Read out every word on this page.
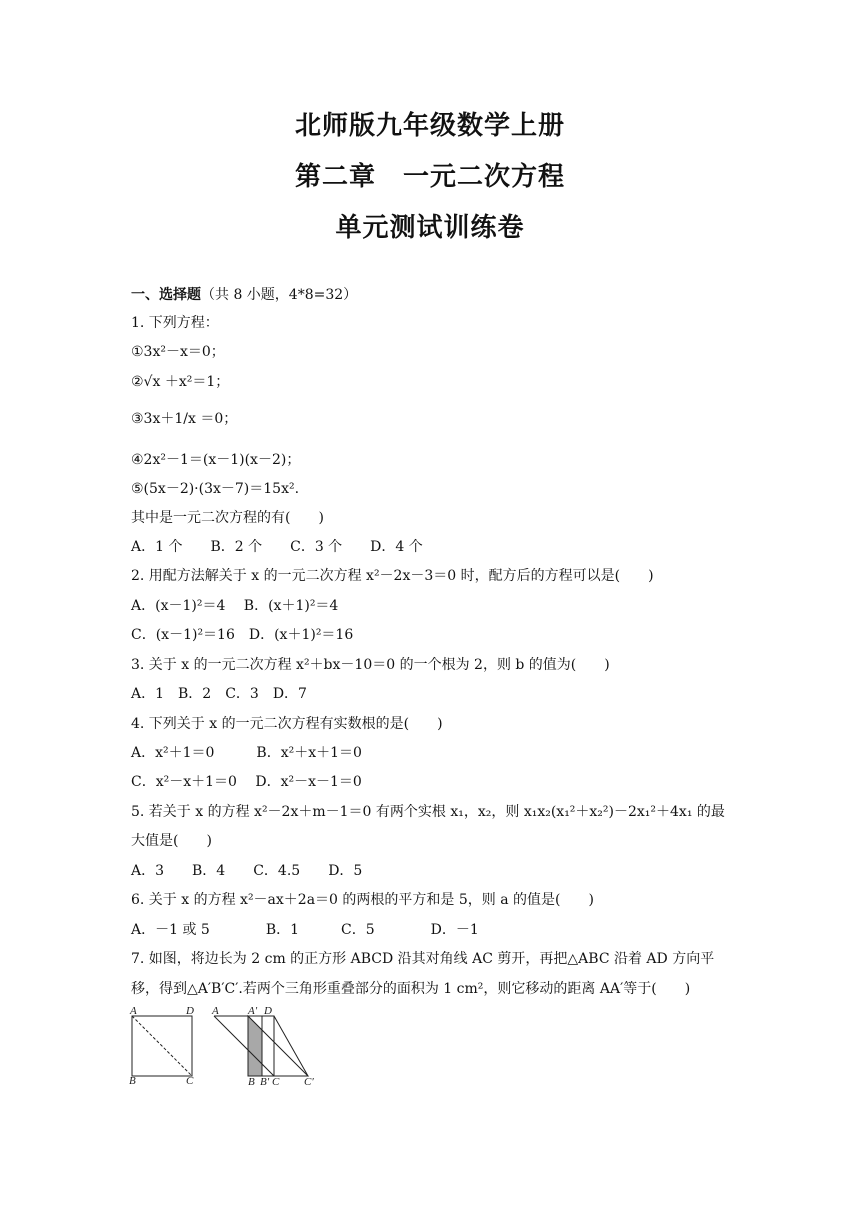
北师版九年级数学上册
第二章　一元二次方程
单元测试训练卷
一、选择题（共 8 小题，4*8=32）
1. 下列方程：
①3x²－x＝0；
②√x ＋x²＝1；
③3x＋1/x ＝0；
④2x²－1＝(x－1)(x－2)；
⑤(5x－2)·(3x－7)＝15x².
其中是一元二次方程的有(　　)
A．1 个　　B．2 个　　C．3 个　　D．4 个
2. 用配方法解关于 x 的一元二次方程 x²－2x－3＝0 时，配方后的方程可以是(　　)
A．(x－1)²＝4　 B．(x＋1)²＝4
C．(x－1)²＝16　D．(x＋1)²＝16
3. 关于 x 的一元二次方程 x²＋bx－10＝0 的一个根为 2，则 b 的值为(　　)
A．1　B．2　C．3　D．7
4. 下列关于 x 的一元二次方程有实数根的是(　　)
A．x²＋1＝0　　　B．x²＋x＋1＝0
C．x²－x＋1＝0　 D．x²－x－1＝0
5. 若关于 x 的方程 x²－2x＋m－1＝0 有两个实根 x₁，x₂，则 x₁x₂(x₁²＋x₂²)－2x₁²＋4x₁ 的最
大值是(　　)
A．3　　B．4　　C．4.5　　D．5
6. 关于 x 的方程 x²－ax＋2a＝0 的两根的平方和是 5，则 a 的值是(　　)
A．－1 或 5　　　　B．1　　　C．5　　　　D．－1
7. 如图，将边长为 2 cm 的正方形 ABCD 沿其对角线 AC 剪开，再把△ABC 沿着 AD 方向平
移，得到△A′B′C′.若两个三角形重叠部分的面积为 1 cm²，则它移动的距离 AA′等于(　　)
A	D
B	C
A	A′ D
B B′ C C′
